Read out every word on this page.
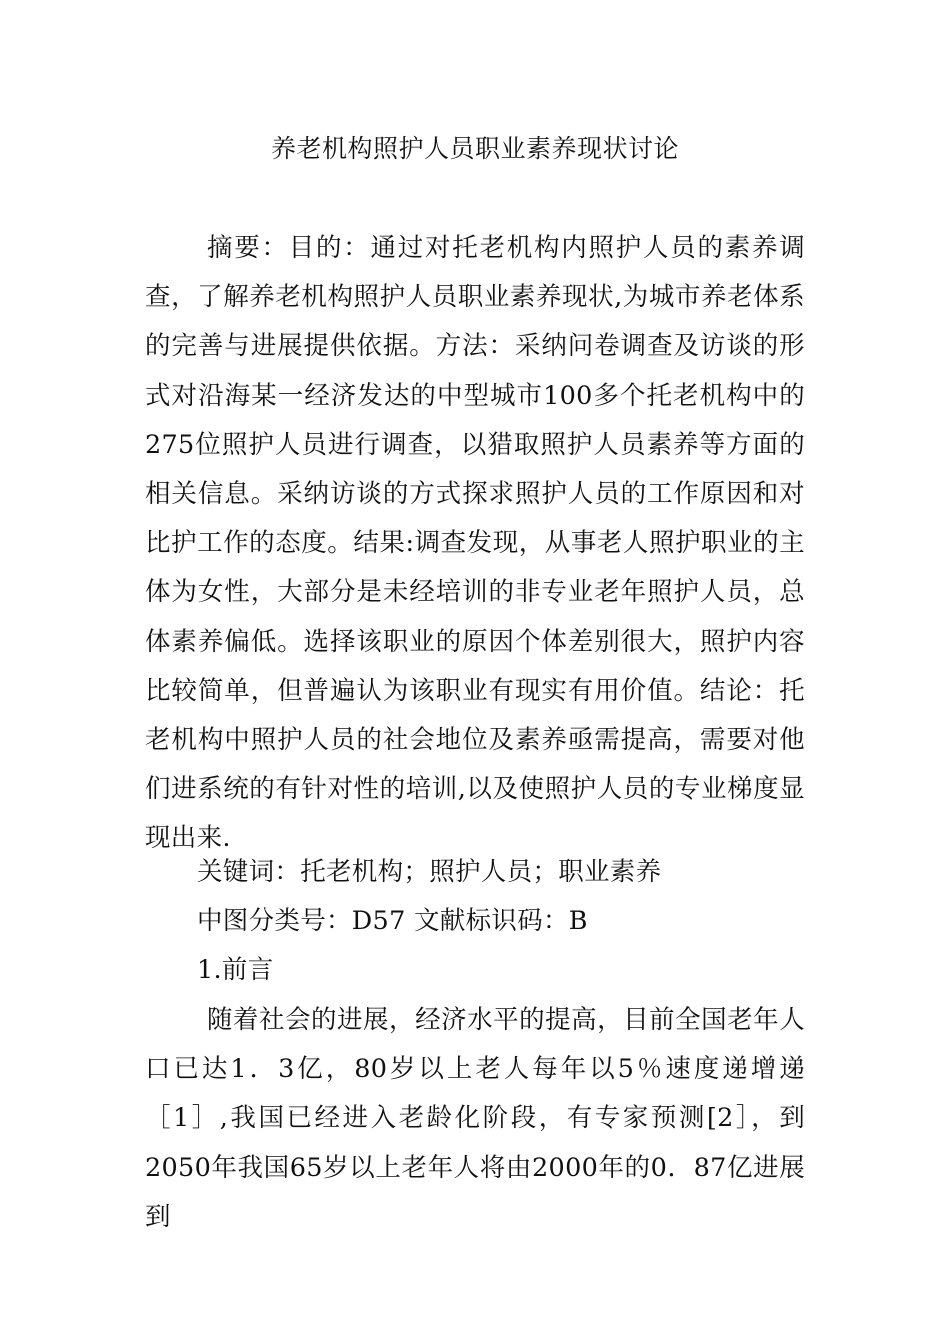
养老机构照护人员职业素养现状讨论
摘要：目的：通过对托老机构内照护人员的素养调查，了解养老机构照护人员职业素养现状,为城市养老体系的完善与进展提供依据。方法：采纳问卷调查及访谈的形式对沿海某一经济发达的中型城市100多个托老机构中的275位照护人员进行调查，以猎取照护人员素养等方面的相关信息。采纳访谈的方式探求照护人员的工作原因和对比护工作的态度。结果:调查发现，从事老人照护职业的主体为女性，大部分是未经培训的非专业老年照护人员，总体素养偏低。选择该职业的原因个体差别很大，照护内容比较简单，但普遍认为该职业有现实有用价值。结论：托老机构中照护人员的社会地位及素养亟需提高，需要对他们进系统的有针对性的培训,以及使照护人员的专业梯度显现出来.
关键词：托老机构；照护人员；职业素养
中图分类号：D57 文献标识码：B
1.前言
随着社会的进展，经济水平的提高，目前全国老年人口已达1．3亿，80岁以上老人每年以5％速度递增递［1］,我国已经进入老龄化阶段，有专家预测[2］，到2050年我国65岁以上老年人将由2000年的0．87亿进展到
